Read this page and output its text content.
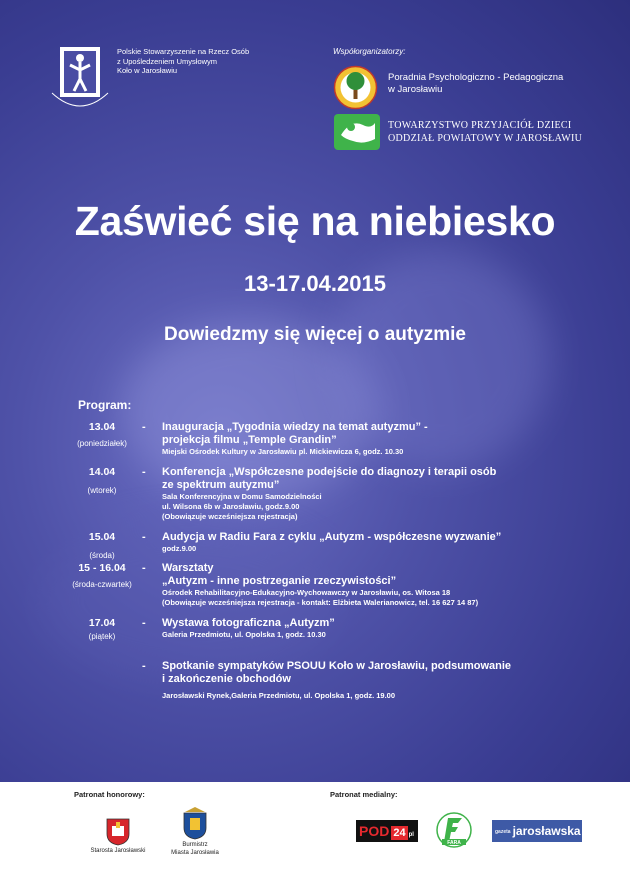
Polskie Stowarzyszenie na Rzecz Osób
z Upośledzeniem Umysłowym
Koło w Jarosławiu
Współorganizatorzy:
Poradnia Psychologiczno - Pedagogiczna
w Jarosławiu
TOWARZYSTWO PRZYJACIÓŁ DZIECI
ODDZIAŁ POWIATOWY W JAROSŁAWIU
Zaświeć się na niebiesko
13-17.04.2015
Dowiedzmy się więcej o autyzmie
Program:
13.04
(poniedziałek)
- Inauguracja „Tygodnia wiedzy na temat autyzmu” -
projekcja filmu „Temple Grandin”
Miejski Ośrodek Kultury w Jarosławiu pl. Mickiewicza 6, godz. 10.30
14.04
(wtorek)
- Konferencja „Współczesne podejście do diagnozy i terapii osób
ze spektrum autyzmu”
Sala Konferencyjna w Domu Samodzielności
ul. Wilsona 6b w Jarosławiu, godz.9.00
(Obowiązuje wcześniejsza rejestracja)
15.04
(środa)
- Audycja w Radiu Fara z cyklu „Autyzm - współczesne wyzwanie”
godz.9.00
15 - 16.04
(środa-czwartek)
- Warsztaty
„Autyzm - inne postrzeganie rzeczywistości”
Ośrodek Rehabilitacyjno-Edukacyjno-Wychowawczy w Jarosławiu, os. Witosa 18
(Obowiązuje wcześniejsza rejestracja - kontakt: Elżbieta Walerianowicz, tel. 16 627 14 87)
17.04
(piątek)
- Wystawa fotograficzna „Autyzm”
Galeria Przedmiotu, ul. Opolska 1, godz. 10.30
- Spotkanie sympatyków PSOUU Koło w Jarosławiu, podsumowanie
i zakończenie obchodów
Jarosławski Rynek,Galeria Przedmiotu, ul. Opolska 1, godz. 19.00
Patronat honorowy:	Patronat medialny:
Starosta Jarosławski
Burmistrz
Miasta Jarosławia
POD 24 pl
FARA
gazeta jarosławska
